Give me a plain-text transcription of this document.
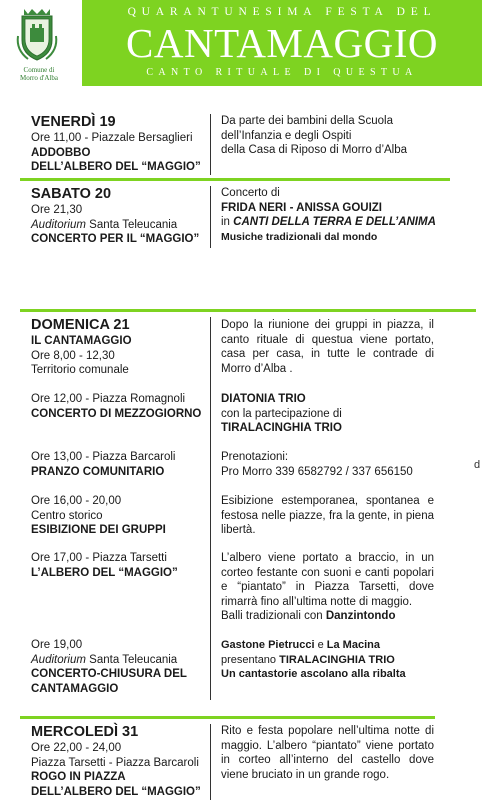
Comune di
Morro d'Alba
QUARANTUNESIMA FESTA DEL
CANTAMAGGIO
CANTO RITUALE DI QUESTUA
VENERDÌ 19
Ore 11,00 - Piazzale Bersaglieri
ADDOBBO
DELL’ALBERO DEL “MAGGIO”
Da parte dei bambini della Scuola
dell’Infanzia e degli Ospiti
della Casa di Riposo di Morro d’Alba
SABATO 20
Ore 21,30
Auditorium Santa Teleucania
CONCERTO PER IL “MAGGIO”
Concerto di
FRIDA NERI - ANISSA GOUIZI
in CANTI DELLA TERRA E DELL’ANIMA
Musiche tradizionali dal mondo
DOMENICA 21
IL CANTAMAGGIO
Ore 8,00 - 12,30
Territorio comunale
Dopo la riunione dei gruppi in piazza, il canto rituale di questua viene portato, casa per casa, in tutte le contrade di Morro d’Alba .
Ore 12,00 - Piazza Romagnoli
CONCERTO DI MEZZOGIORNO
DIATONIA TRIO
con la partecipazione di
TIRALACINGHIA TRIO
Ore 13,00 - Piazza Barcaroli
PRANZO COMUNITARIO
Prenotazioni:
Pro Morro 339 6582792 / 337 656150
Ore 16,00 - 20,00
Centro storico
ESIBIZIONE DEI GRUPPI
Esibizione estemporanea, spontanea e festosa nelle piazze, fra la gente, in piena libertà.
Ore 17,00 - Piazza Tarsetti
L’ALBERO DEL “MAGGIO”
L’albero viene portato a braccio, in un corteo festante con suoni e canti popolari e “piantato” in Piazza Tarsetti, dove rimarrà fino all’ultima notte di maggio.
Balli tradizionali con Danzintondo
Ore 19,00
Auditorium Santa Teleucania
CONCERTO-CHIUSURA DEL
CANTAMAGGIO
Gastone Pietrucci e La Macina
presentano TIRALACINGHIA TRIO
Un cantastorie ascolano alla ribalta
MERCOLEDÌ 31
Ore 22,00 - 24,00
Piazza Tarsetti - Piazza Barcaroli
ROGO IN PIAZZA
DELL’ALBERO DEL “MAGGIO”
Rito e festa popolare nell’ultima notte di maggio. L’albero “piantato” viene portato in corteo all’interno del castello dove viene bruciato in un grande rogo.
d
